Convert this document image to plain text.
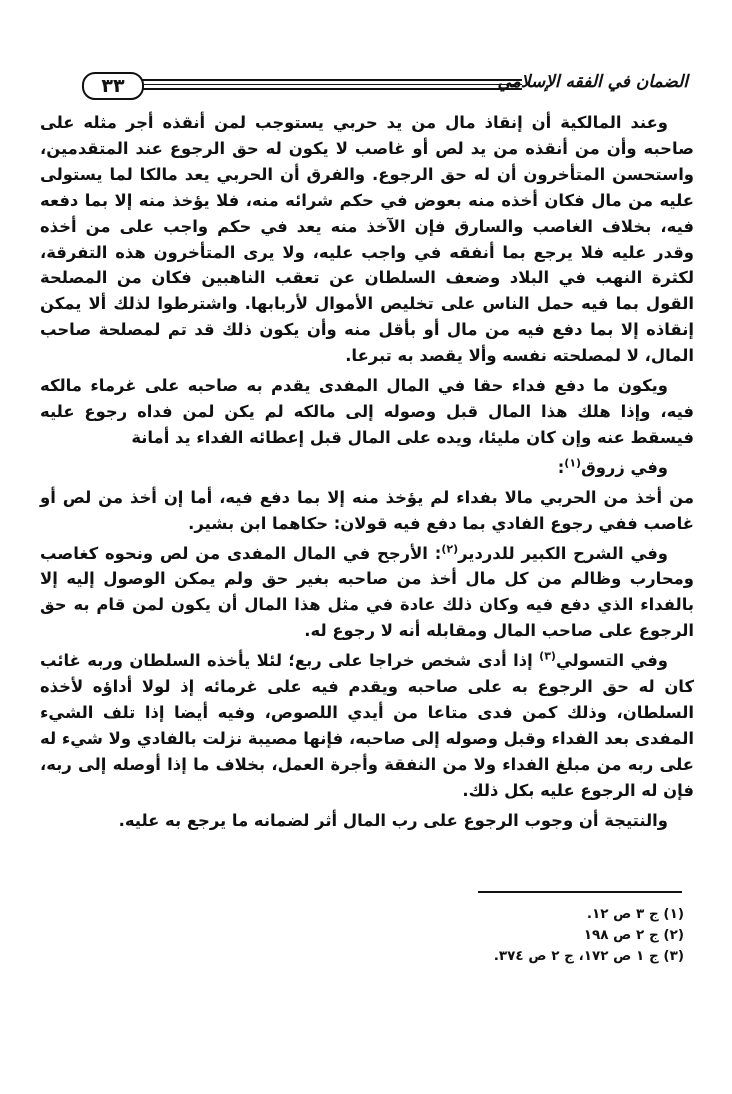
٣٣	الضمان في الفقه الإسلامي

وعند المالكية أن إنقاذ مال من يد حربي يستوجب لمن أنقذه أجر مثله على صاحبه وأن من أنقذه من يد لص أو غاصب لا يكون له حق الرجوع عند المتقدمين، واستحسن المتأخرون أن له حق الرجوع. والفرق أن الحربي يعد مالكا لما يستولى عليه من مال فكان أخذه منه بعوض في حكم شرائه منه، فلا يؤخذ منه إلا بما دفعه فيه، بخلاف الغاصب والسارق فإن الآخذ منه يعد في حكم واجب على من أخذه وقدر عليه فلا يرجع بما أنفقه في واجب عليه، ولا يرى المتأخرون هذه التفرقة، لكثرة النهب في البلاد وضعف السلطان عن تعقب الناهبين فكان من المصلحة القول بما فيه حمل الناس على تخليص الأموال لأربابها. واشترطوا لذلك ألا يمكن إنقاذه إلا بما دفع فيه من مال أو بأقل منه وأن يكون ذلك قد تم لمصلحة صاحب المال، لا لمصلحته نفسه وألا يقصد به تبرعا.

ويكون ما دفع فداء حقا في المال المفدى يقدم به صاحبه على غرماء مالكه فيه، وإذا هلك هذا المال قبل وصوله إلى مالكه لم يكن لمن فداه رجوع عليه فيسقط عنه وإن كان مليئا، ويده على المال قبل إعطائه الفداء يد أمانة

وفي زروق$^{(١)}$:

من أخذ من الحربي مالا بفداء لم يؤخذ منه إلا بما دفع فيه، أما إن أخذ من لص أو غاصب ففي رجوع الفادي بما دفع فيه قولان: حكاهما ابن بشير.

وفي الشرح الكبير للدردير$^{(٢)}$: الأرجح في المال المفدى من لص ونحوه كغاصب ومحارب وظالم من كل مال أخذ من صاحبه بغير حق ولم يمكن الوصول إليه إلا بالفداء الذي دفع فيه وكان ذلك عادة في مثل هذا المال أن يكون لمن قام به حق الرجوع على صاحب المال ومقابله أنه لا رجوع له.

وفي التسولي$^{(٣)}$ إذا أدى شخص خراجا على ربع؛ لئلا يأخذه السلطان وربه غائب كان له حق الرجوع به على صاحبه ويقدم فيه على غرمائه إذ لولا أداؤه لأخذه السلطان، وذلك كمن فدى متاعا من أيدي اللصوص، وفيه أيضا إذا تلف الشيء المفدى بعد الفداء وقبل وصوله إلى صاحبه، فإنها مصيبة نزلت بالفادي ولا شيء له على ربه من مبلغ الفداء ولا من النفقة وأجرة العمل، بخلاف ما إذا أوصله إلى ربه، فإن له الرجوع عليه بكل ذلك.

والنتيجة أن وجوب الرجوع على رب المال أثر لضمانه ما يرجع به عليه.

(١) ج ٣ ص ١٢.

(٢) ج ٢ ص ١٩٨

(٣) ج ١ ص ١٧٢، ج ٢ ص ٣٧٤.
